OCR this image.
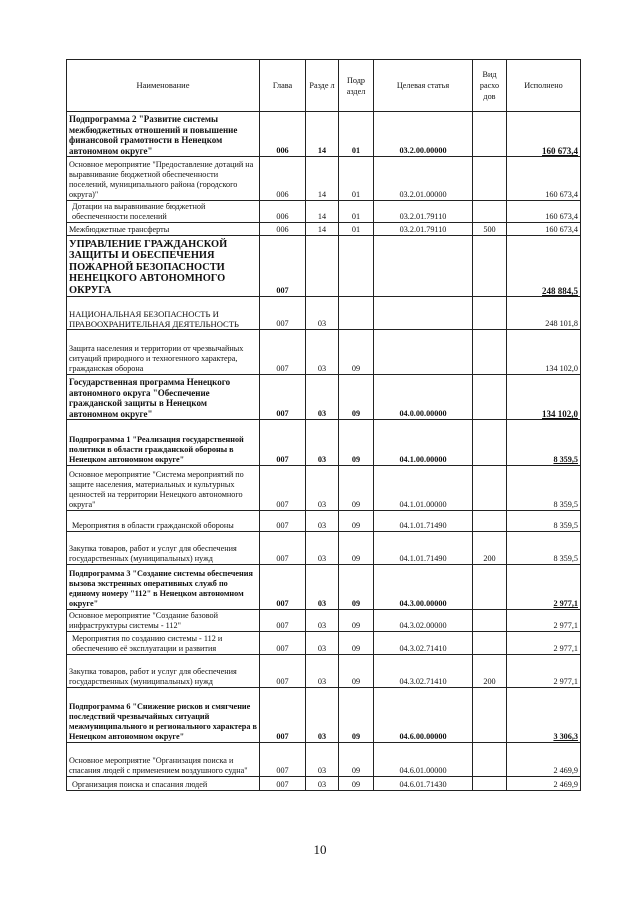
Наименование	Глава	Разде л	Подр аздел	Целевая статья	Вид расхо дов	Исполнено
Подпрограмма 2 "Развитие системы межбюджетных отношений и повышение финансовой грамотности в Ненецком автономном округе"	006	14	01	03.2.00.00000		160 673,4
Основное мероприятие "Предоставление дотаций на выравнивание бюджетной обеспеченности поселений, муниципального района (городского округа)"	006	14	01	03.2.01.00000		160 673,4
Дотации на выравнивание бюджетной обеспеченности поселений	006	14	01	03.2.01.79110		160 673,4
Межбюджетные трансферты	006	14	01	03.2.01.79110	500	160 673,4
УПРАВЛЕНИЕ ГРАЖДАНСКОЙ ЗАЩИТЫ И ОБЕСПЕЧЕНИЯ ПОЖАРНОЙ БЕЗОПАСНОСТИ НЕНЕЦКОГО АВТОНОМНОГО ОКРУГА	007					248 884,5
НАЦИОНАЛЬНАЯ БЕЗОПАСНОСТЬ И ПРАВООХРАНИТЕЛЬНАЯ ДЕЯТЕЛЬНОСТЬ	007	03				248 101,8
Защита населения и территории от чрезвычайных ситуаций природного и техногенного характера, гражданская оборона	007	03	09			134 102,0
Государственная программа Ненецкого автономного округа "Обеспечение гражданской защиты в Ненецком автономном округе"	007	03	09	04.0.00.00000		134 102,0
Подпрограмма 1 "Реализация государственной политики в области гражданской обороны в Ненецком автономном округе"	007	03	09	04.1.00.00000		8 359,5
Основное мероприятие "Система мероприятий по защите населения, материальных и культурных ценностей на территории Ненецкого автономного округа"	007	03	09	04.1.01.00000		8 359,5
Мероприятия в области гражданской обороны	007	03	09	04.1.01.71490		8 359,5
Закупка товаров, работ и услуг для обеспечения государственных (муниципальных) нужд	007	03	09	04.1.01.71490	200	8 359,5
Подпрограмма 3 "Создание системы обеспечения вызова экстренных оперативных служб по единому номеру "112" в Ненецком автономном округе"	007	03	09	04.3.00.00000		2 977,1
Основное мероприятие "Создание базовой инфраструктуры системы - 112"	007	03	09	04.3.02.00000		2 977,1
Мероприятия по созданию системы - 112 и обеспечению её эксплуатации и развития	007	03	09	04.3.02.71410		2 977,1
Закупка товаров, работ и услуг для обеспечения государственных (муниципальных) нужд	007	03	09	04.3.02.71410	200	2 977,1
Подпрограмма 6 "Снижение рисков и смягчение последствий чрезвычайных ситуаций межмуниципального и регионального характера в Ненецком автономном округе"	007	03	09	04.6.00.00000		3 306,3
Основное мероприятие "Организация поиска и спасания людей с применением воздушного судна"	007	03	09	04.6.01.00000		2 469,9
Организация поиска и спасания людей	007	03	09	04.6.01.71430		2 469,9
10
